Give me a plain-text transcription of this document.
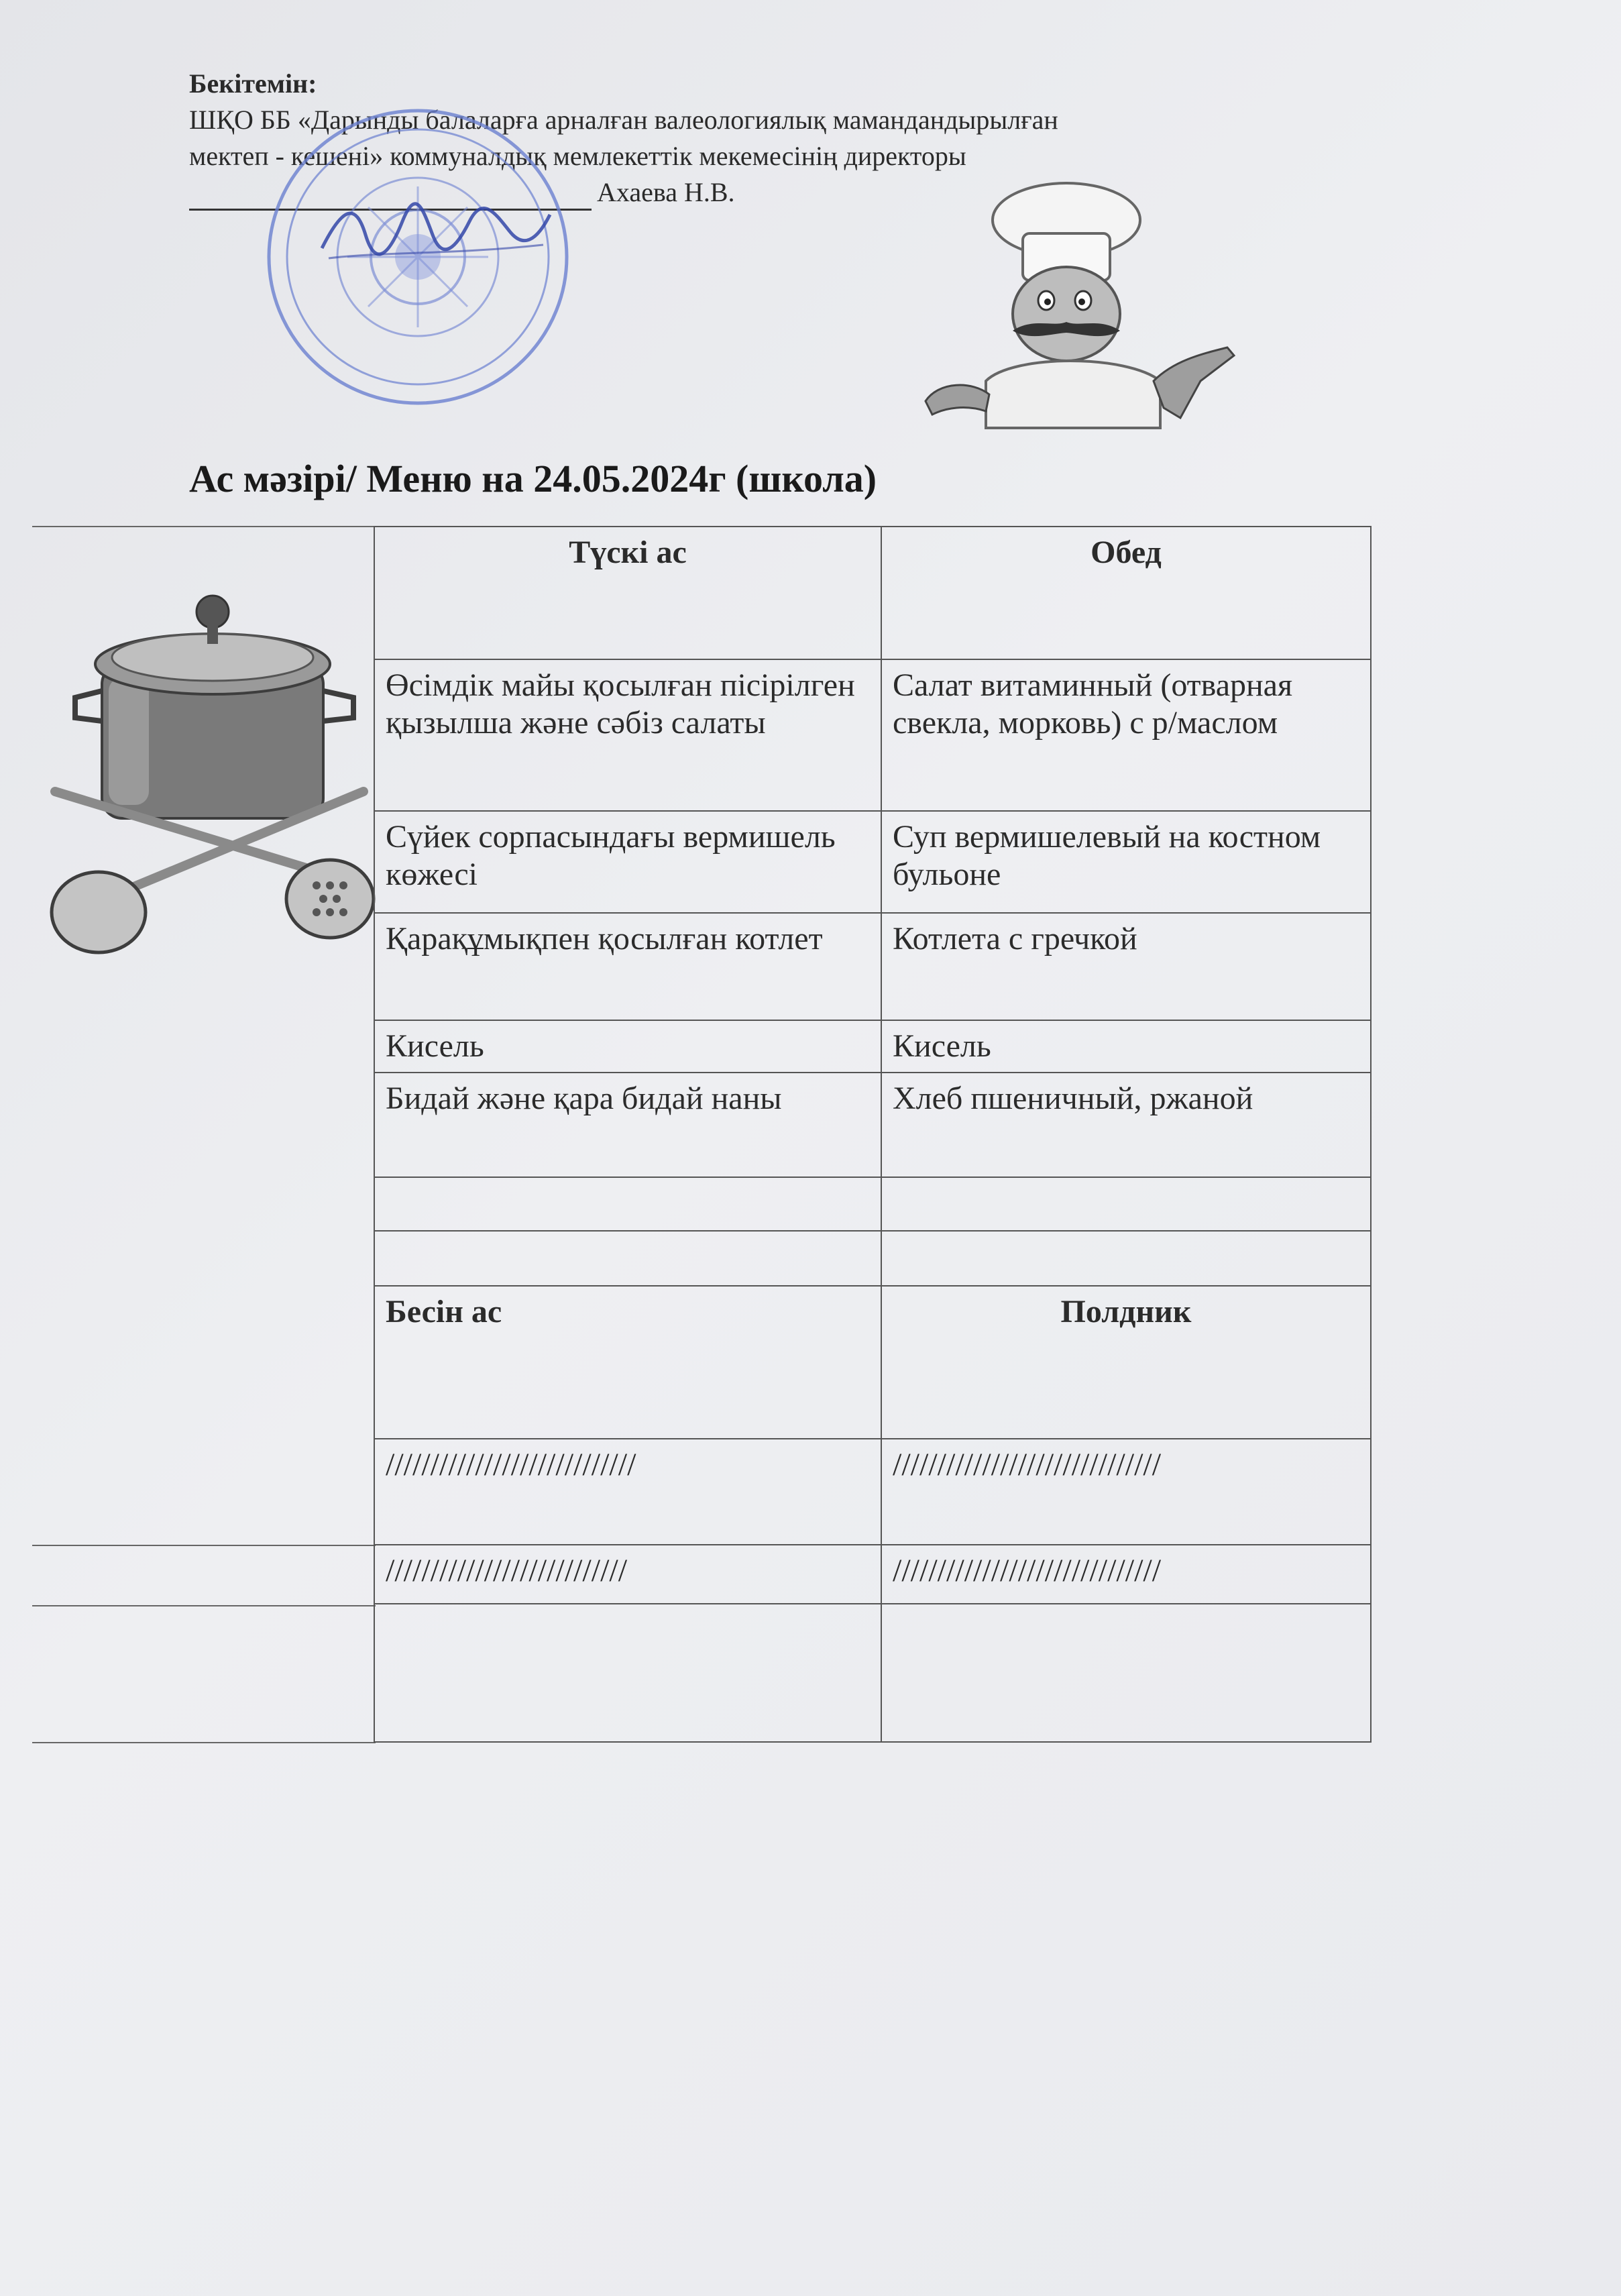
Бекітемін:
ШҚО ББ «Дарынды балаларға арналған валеологиялық мамандандырылған
мектеп - кешені» коммуналдық мемлекеттік мекемесінің директоры
Ахаева Н.В.
Ас мәзірі/ Меню на 24.05.2024г (школа)
Түскі ас	Обед
Өсімдік майы қосылған пісірілген қызылша және сәбіз салаты	Салат витаминный (отварная свекла, морковь) с р/маслом
Сүйек сорпасындағы вермишель көжесі	Суп вермишелевый на костном бульоне
Қарақұмықпен қосылған котлет	Котлета с гречкой
Кисель	Кисель
Бидай және қара бидай наны	Хлеб пшеничный, ржаной

Бесін ас	Полдник
////////////////////////////	//////////////////////////////
///////////////////////////	//////////////////////////////
